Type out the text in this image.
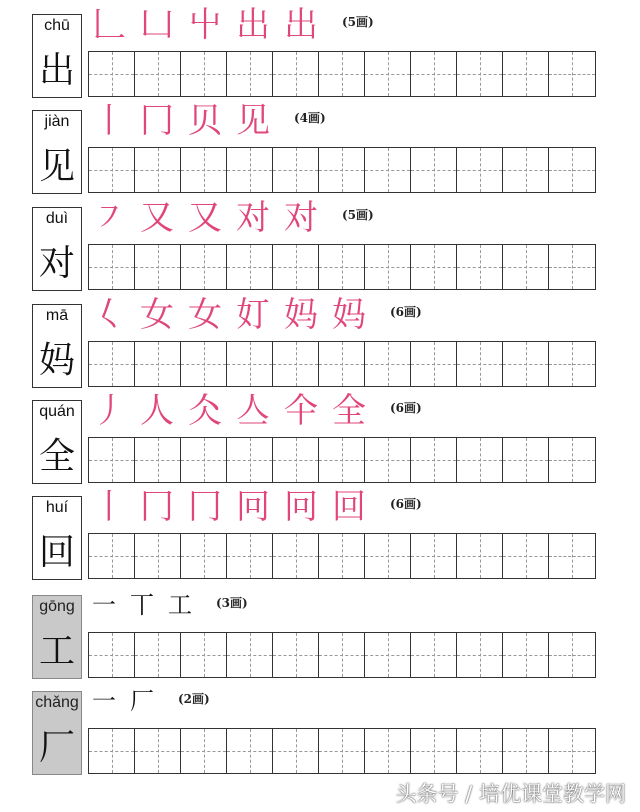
chū
出
𠃊 凵 屮 出 出 (5画)
jiàn
见
丨 冂 贝 见 (4画)
duì
对
㇇ 又 又 对 对 (5画)
mā
妈
𡿨 女 女 奵 妈 妈 (6画)
quán
全
丿 人 仌 亼 仐 全 (6画)
huí
回
丨 冂 冂 冋 冋 回 (6画)
gōng
工
一 丅 工 (3画)
chǎng
厂
一 厂 (2画)
头条号 / 培优课堂教学网
